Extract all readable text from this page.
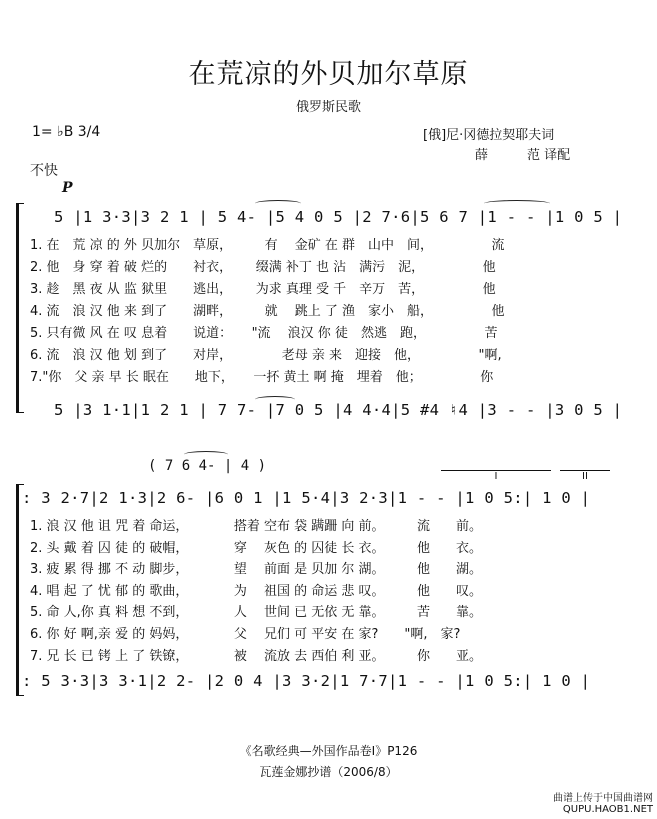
在荒凉的外贝加尔草原
俄罗斯民歌
1= ♭B 3/4	[俄]尼·冈德拉契耶夫词
薛　　　范 译配
不快
P
5 |1 3·3|3 2 1 | 5 4- |5 4 0 5 |2 7·6|5 6 7 |1 - - |1 0 5 |
1. 在　荒 凉 的 外 贝加尔　草原，　　　有　 金矿 在 群　山中　间，　　　　　流
2. 他　身 穿 着 破 烂的　　衬衣，　　 缀满 补丁 也 沾　满污　泥，　　　　　他
3. 趁　黑 夜 从 监 狱里　　逃出，　　 为求 真理 受 千　辛万　苦，　　　　　他
4. 流　浪 汉 他 来 到了　　湖畔，　　　就　 跳上 了 渔　家小　船，　　　　　他
5. 只有微 风 在 叹 息着　　说道：　　"流　 浪汉 你 徒　然逃　跑，　　　　　苦
6. 流　浪 汉 他 划 到了　　对岸，　　　　 老母 亲 来　迎接　他，　　　　　"啊,
7."你　父 亲 早 长 眠在　　地下，　　一抔 黄土 啊 掩　埋着　他；　　　　　你
5 |3 1·1|1 2 1 | 7 7- |7 0 5 |4 4·4|5 #4 ♮4 |3 - - |3 0 5 |
( 7 6 4- | 4 )
I	II
: 3 2·7|2 1·3|2 6- |6 0 1 |1 5·4|3 2·3|1 - - |1 0 5:| 1 0 |
1. 浪 汉 他 诅 咒 着 命运，　　　　搭着 空布 袋 蹒跚 向 前。　　　流　　前。
2. 头 戴 着 囚 徒 的 破帽，　　　　穿　 灰色 的 囚徒 长 衣。　　　他　　衣。
3. 疲 累 得 挪 不 动 脚步，　　　　望　 前面 是 贝加 尔 湖。　　　他　　湖。
4. 唱 起 了 忧 郁 的 歌曲，　　　　为　 祖国 的 命运 悲 叹。　　　他　　叹。
5. 命 人,你 真 料 想 不到，　　　　人　 世间 已 无依 无 靠。　　　苦　　靠。
6. 你 好 啊,亲 爱 的 妈妈，　　　　父　 兄们 可 平安 在 家?　　"啊,　家?
7. 兄 长 已 铐 上 了 铁镣，　　　　被　 流放 去 西伯 利 亚。　　　你　　亚。
: 5 3·3|3 3·1|2 2- |2 0 4 |3 3·2|1 7·7|1 - - |1 0 5:| 1 0 |
《名歌经典—外国作品卷Ⅰ》P126
瓦莲金娜抄谱（2006/8）
曲谱上传于中国曲谱网
QUPU.HAOB1.NET
